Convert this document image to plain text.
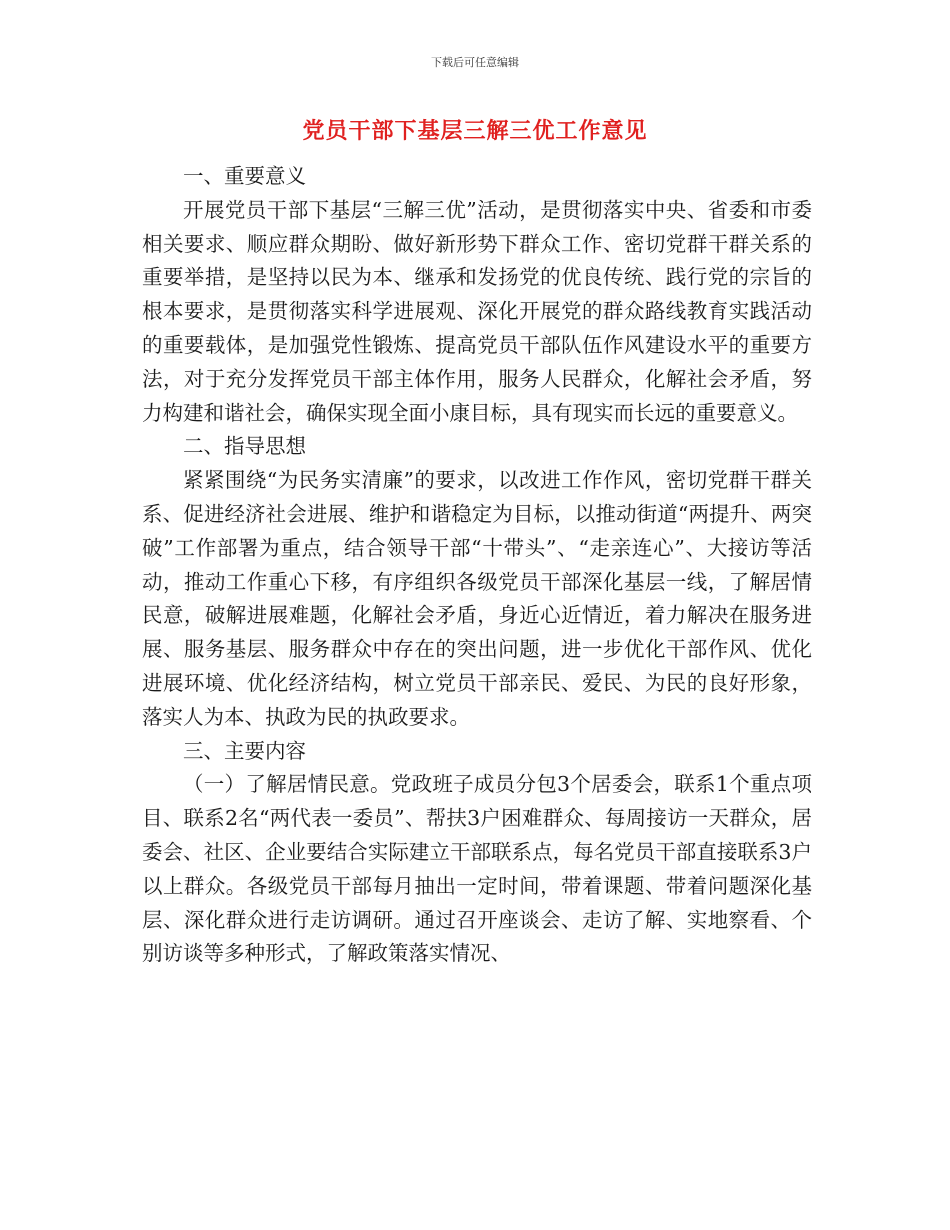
下载后可任意编辑
党员干部下基层三解三优工作意见

一、重要意义

开展党员干部下基层“三解三优”活动，是贯彻落实中央、省委和市委相关要求、顺应群众期盼、做好新形势下群众工作、密切党群干群关系的重要举措，是坚持以民为本、继承和发扬党的优良传统、践行党的宗旨的根本要求，是贯彻落实科学进展观、深化开展党的群众路线教育实践活动的重要载体，是加强党性锻炼、提高党员干部队伍作风建设水平的重要方法，对于充分发挥党员干部主体作用，服务人民群众，化解社会矛盾，努力构建和谐社会，确保实现全面小康目标，具有现实而长远的重要意义。

二、指导思想

紧紧围绕“为民务实清廉”的要求，以改进工作作风，密切党群干群关系、促进经济社会进展、维护和谐稳定为目标，以推动街道“两提升、两突破”工作部署为重点，结合领导干部“十带头”、“走亲连心”、大接访等活动，推动工作重心下移，有序组织各级党员干部深化基层一线，了解居情民意，破解进展难题，化解社会矛盾，身近心近情近，着力解决在服务进展、服务基层、服务群众中存在的突出问题，进一步优化干部作风、优化进展环境、优化经济结构，树立党员干部亲民、爱民、为民的良好形象，落实人为本、执政为民的执政要求。

三、主要内容

（一）了解居情民意。党政班子成员分包3个居委会，联系1个重点项目、联系2名“两代表一委员”、帮扶3户困难群众、每周接访一天群众，居委会、社区、企业要结合实际建立干部联系点，每名党员干部直接联系3户以上群众。各级党员干部每月抽出一定时间，带着课题、带着问题深化基层、深化群众进行走访调研。通过召开座谈会、走访了解、实地察看、个别访谈等多种形式，了解政策落实情况、
